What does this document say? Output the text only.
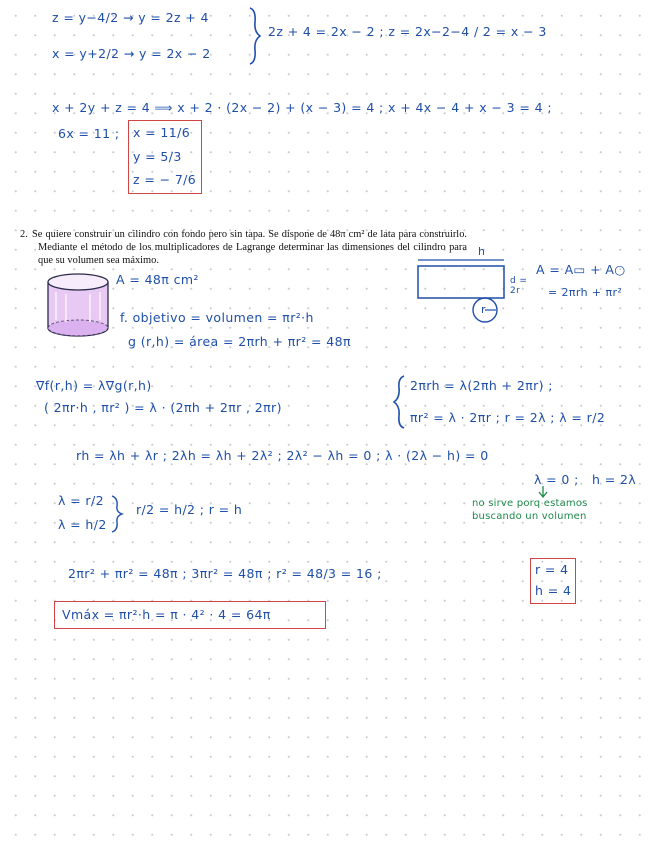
z = y−4/2 → y = 2z + 4
x = y+2/2 → y = 2x − 2
2z + 4 = 2x − 2 ; z = 2x−2−4 / 2 = x − 3
x + 2y + z = 4 ⟹ x + 2 · (2x − 2) + (x − 3) = 4 ; x + 4x − 4 + x − 3 = 4 ;
6x = 11 ; x = 11/6
y = 5/3
z = − 7/6
2. Se quiere construir un cilindro con fondo pero sin tapa. Se dispone de 48π cm² de lata para construirlo. Mediante el método de los multiplicadores de Lagrange determinar las dimensiones del cilindro para que su volumen sea máximo.
A = 48π cm²
f. objetivo = volumen = πr²·h
g (r,h) = área = 2πrh + πr² = 48π
h
r
d = 2r
A = A▭ + A○
= 2πrh + πr²
∇f(r,h) = λ∇g(r,h)
( 2πr·h , πr² ) = λ · (2πh + 2πr , 2πr)
2πrh = λ(2πh + 2πr) ;
πr² = λ · 2πr ; r = 2λ ; λ = r/2
rh = λh + λr ; 2λh = λh + 2λ² ; 2λ² − λh = 0 ; λ · (2λ − h) = 0
λ = 0 ; h = 2λ
no sirve porq estamos buscando un volumen
λ = r/2
λ = h/2
r/2 = h/2 ; r = h
2πr² + πr² = 48π ; 3πr² = 48π ; r² = 48/3 = 16 ;	r = 4
h = 4
Vmáx = πr²·h = π · 4² · 4 = 64π
